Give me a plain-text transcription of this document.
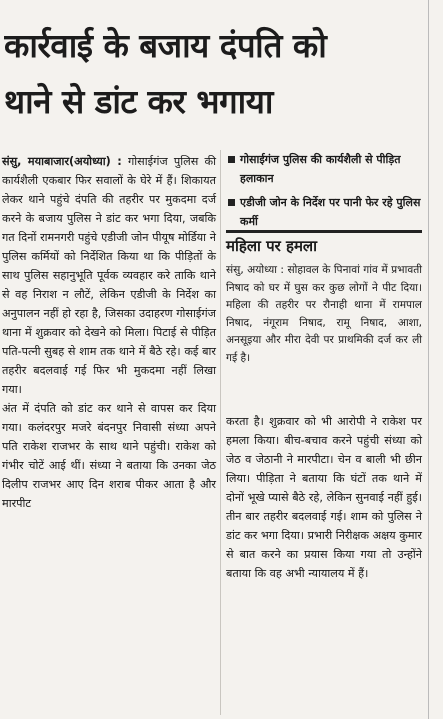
कार्रवाई के बजाय दंपति को
थाने से डांट कर भगाया

संसु, मयाबाजार(अयोध्या) : गोसाईगंज पुलिस की कार्यशैली एकबार फिर सवालों के घेरे में हैं। शिकायत लेकर थाने पहुंचे दंपति की तहरीर पर मुकदमा दर्ज करने के बजाय पुलिस ने डांट कर भगा दिया, जबकि गत दिनों रामनगरी पहुंचे एडीजी जोन पीयूष मोर्डिया ने पुलिस कर्मियों को निर्देशित किया था कि पीड़ितों के साथ पुलिस सहानुभूति पूर्वक व्यवहार करे ताकि थाने से वह निराश न लौटें, लेकिन एडीजी के निर्देश का अनुपालन नहीं हो रहा है, जिसका उदाहरण गोसाईगंज थाना में शुक्रवार को देखने को मिला। पिटाई से पीड़ित पति-पत्नी सुबह से शाम तक थाने में बैठे रहे। कई बार तहरीर बदलवाई गई फिर भी मुकदमा नहीं लिखा गया।

अंत में दंपति को डांट कर थाने से वापस कर दिया गया। कलंदरपुर मजरे बंदनपुर निवासी संध्या अपने पति राकेश राजभर के साथ थाने पहुंची। राकेश को गंभीर चोटें आई थीं। संध्या ने बताया कि उनका जेठ दिलीप राजभर आए दिन शराब पीकर आता है और मारपीट

गोसाईगंज पुलिस की कार्यशैली से पीड़ित हलाकान
एडीजी जोन के निर्देश पर पानी फेर रहे पुलिस कर्मी
महिला पर हमला
संसु, अयोध्या : सोहावल के पिनावां गांव में प्रभावती निषाद को घर में घुस कर कुछ लोगों ने पीट दिया। महिला की तहरीर पर रौनाही थाना में रामपाल निषाद, नंगूराम निषाद, रामू निषाद, आशा, अनसूइया और मीरा देवी पर प्राथमिकी दर्ज कर ली गई है।
करता है। शुक्रवार को भी आरोपी ने राकेश पर हमला किया। बीच-बचाव करने पहुंची संध्या को जेठ व जेठानी ने मारपीटा। चेन व बाली भी छीन लिया। पीड़िता ने बताया कि घंटों तक थाने में दोनों भूखे प्यासे बैठे रहे, लेकिन सुनवाई नहीं हुई। तीन बार तहरीर बदलवाई गई। शाम को पुलिस ने डांट कर भगा दिया। प्रभारी निरीक्षक अक्षय कुमार से बात करने का प्रयास किया गया तो उन्होंने बताया कि वह अभी न्यायालय में हैं।
